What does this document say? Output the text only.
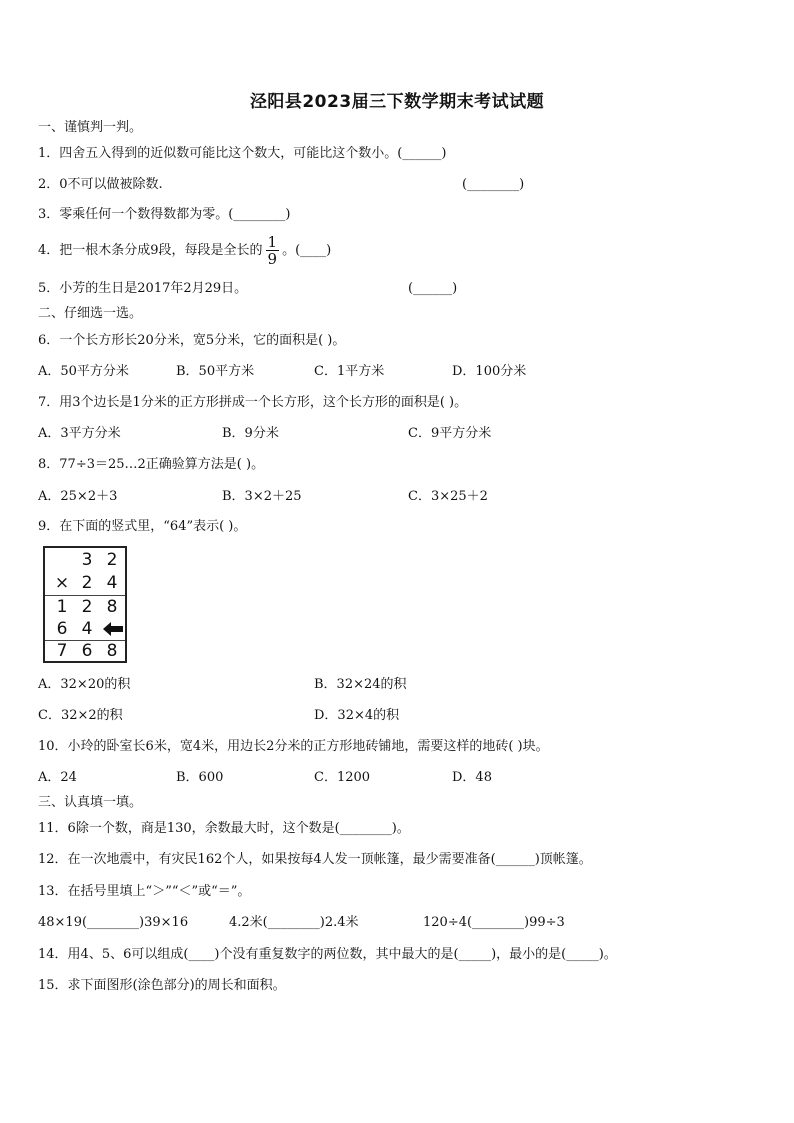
泾阳县2023届三下数学期末考试试题
一、谨慎判一判。
1．四舍五入得到的近似数可能比这个数大，可能比这个数小。(______)
2．0不可以做被除数.	(________)
3．零乘任何一个数得数都为零。(________)
4．把一根木条分成9段，每段是全长的 $\frac{1}{9}$ 。(____)
5．小芳的生日是2017年2月29日。	(______)
二、仔细选一选。
6．一个长方形长20分米，宽5分米，它的面积是( )。
A．50平方分米	B．50平方米	C．1平方米	D．100分米
7．用3个边长是1分米的正方形拼成一个长方形，这个长方形的面积是( )。
A．3平方分米	B．9分米	C．9平方分米
8．77÷3＝25…2正确验算方法是( )。
A．25×2＋3	B．3×2＋25	C．3×25＋2
9．在下面的竖式里，“64”表示( )。
3 2
× 2 4
1 2 8
6 4
7 6 8
A．32×20的积	B．32×24的积
C．32×2的积	D．32×4的积
10．小玲的卧室长6米，宽4米，用边长2分米的正方形地砖铺地，需要这样的地砖( )块。
A．24	B．600	C．1200	D．48
三、认真填一填。
11．6除一个数，商是130，余数最大时，这个数是(________)。
12．在一次地震中，有灾民162个人，如果按每4人发一顶帐篷，最少需要准备(______)顶帐篷。
13．在括号里填上“＞”“＜”或“＝”。
48×19(________)39×16	4.2米(________)2.4米	120÷4(________)99÷3
14．用4、5、6可以组成(____)个没有重复数字的两位数，其中最大的是(_____)，最小的是(_____)。
15．求下面图形(涂色部分)的周长和面积。
